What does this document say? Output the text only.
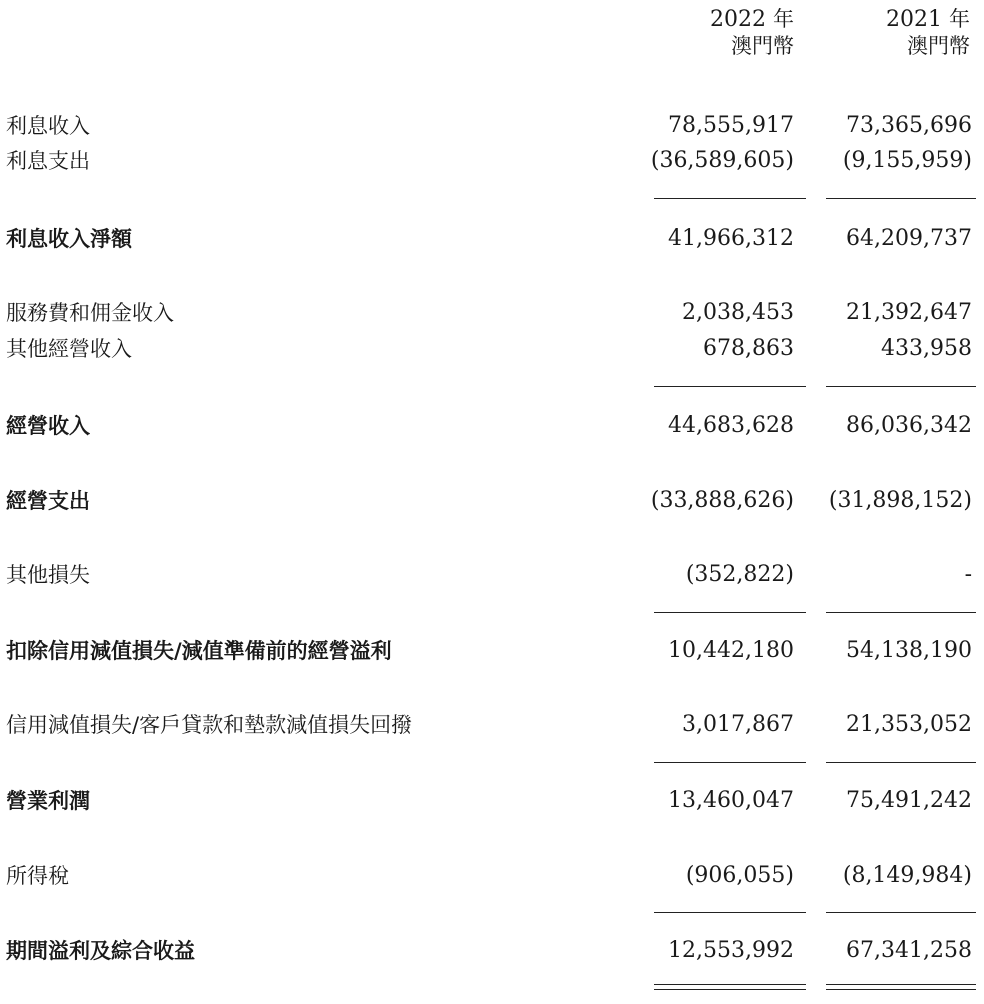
2022 年
澳門幣
2021 年
澳門幣
利息收入	78,555,917 73,365,696
利息支出	(36,589,605) (9,155,959)
利息收入淨額	41,966,312 64,209,737
服務費和佣金收入	2,038,453 21,392,647
其他經營收入	678,863	433,958
經營收入	44,683,628 86,036,342
經營支出	(33,888,626) (31,898,152)
其他損失	(352,822)	-
扣除信用減值損失/減值準備前的經營溢利	10,442,180 54,138,190
信用減值損失/客戶貸款和墊款減值損失回撥	3,017,867 21,353,052
營業利潤	13,460,047 75,491,242
所得稅	(906,055) (8,149,984)
期間溢利及綜合收益	12,553,992 67,341,258
